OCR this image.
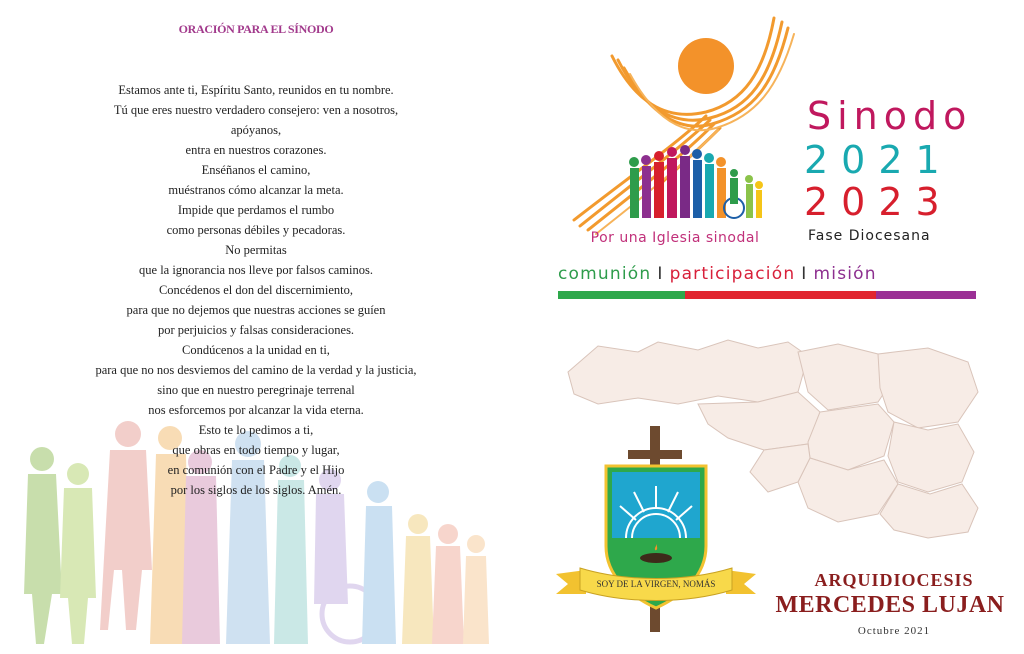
ORACIÓN PARA EL SÍNODO
Estamos ante ti, Espíritu Santo, reunidos en tu nombre.
Tú que eres nuestro verdadero consejero: ven a nosotros,
apóyanos,
entra en nuestros corazones.
Enséñanos el camino,
muéstranos cómo alcanzar la meta.
Impide que perdamos el rumbo
como personas débiles y pecadoras.
No permitas
que la ignorancia nos lleve por falsos caminos.
Concédenos el don del discernimiento,
para que no dejemos que nuestras acciones se guíen
por perjuicios y falsas consideraciones.
Condúcenos a la unidad en ti,
para que no nos desviemos del camino de la verdad y la justicia,
sino que en nuestro peregrinaje terrenal
nos esforcemos por alcanzar la vida eterna.
Esto te lo pedimos a ti,
que obras en todo tiempo y lugar,
en comunión con el Padre y el Hijo
por los siglos de los siglos. Amén.
Por una Iglesia sinodal
Sinodo
2021
2023
Fase Diocesana
comunión I participación I misión
SOY DE LA VIRGEN, NOMÁS	ARQUIDIOCESIS
MERCEDES LUJAN
Octubre 2021
